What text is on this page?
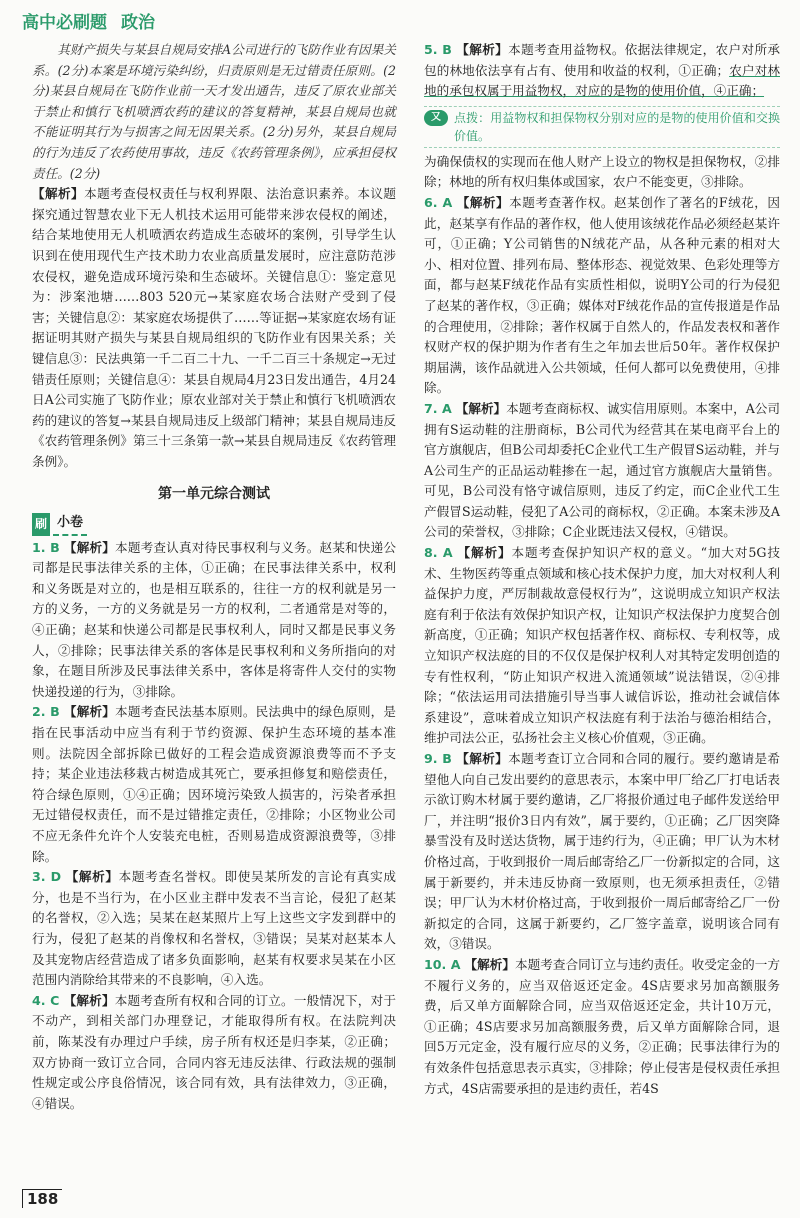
高中必刷题 政治

其财产损失与某县自规局安排A公司进行的飞防作业有因果关系。(2分)本案是环境污染纠纷，归责原则是无过错责任原则。(2分)某县自规局在飞防作业前一天才发出通告，违反了原农业部关于禁止和慎行飞机喷洒农药的建议的答复精神，某县自规局也就不能证明其行为与损害之间无因果关系。(2分)另外，某县自规局的行为违反了农药使用事故，违反《农药管理条例》，应承担侵权责任。(2分)

【解析】本题考查侵权责任与权利界限、法治意识素养。本议题探究通过智慧农业下无人机技术运用可能带来涉农侵权的阐述，结合某地使用无人机喷洒农药造成生态破坏的案例，引导学生认识到在使用现代生产技术助力农业高质量发展时，应注意防范涉农侵权，避免造成环境污染和生态破坏。关键信息①：鉴定意见为：涉案池塘……803 520元→某家庭农场合法财产受到了侵害；关键信息②：某家庭农场提供了……等证据→某家庭农场有证据证明其财产损失与某县自规局组织的飞防作业有因果关系；关键信息③：民法典第一千二百二十九、一千二百三十条规定→无过错责任原则；关键信息④：某县自规局4月23日发出通告，4月24日A公司实施了飞防作业；原农业部对关于禁止和慎行飞机喷洒农药的建议的答复→某县自规局违反上级部门精神；某县自规局违反《农药管理条例》第三十三条第一款→某县自规局违反《农药管理条例》。

第一单元综合测试
刷 小卷

1. B 【解析】本题考查认真对待民事权利与义务。赵某和快递公司都是民事法律关系的主体，①正确；在民事法律关系中，权利和义务既是对立的，也是相互联系的，往往一方的权利就是另一方的义务，一方的义务就是另一方的权利，二者通常是对等的，④正确；赵某和快递公司都是民事权利人，同时又都是民事义务人，②排除；民事法律关系的客体是民事权利和义务所指向的对象，在题目所涉及民事法律关系中，客体是将寄件人交付的实物快递投递的行为，③排除。

2. B 【解析】本题考查民法基本原则。民法典中的绿色原则，是指在民事活动中应当有利于节约资源、保护生态环境的基本准则。法院因全部拆除已做好的工程会造成资源浪费等而不予支持；某企业违法移栽古树造成其死亡，要承担修复和赔偿责任，符合绿色原则，①④正确；因环境污染致人损害的，污染者承担无过错侵权责任，而不是过错推定责任，②排除；小区物业公司不应无条件允许个人安装充电桩，否则易造成资源浪费等，③排除。

3. D 【解析】本题考查名誉权。即使吴某所发的言论有真实成分，也是不当行为，在小区业主群中发表不当言论，侵犯了赵某的名誉权，②入选；吴某在赵某照片上写上这些文字发到群中的行为，侵犯了赵某的肖像权和名誉权，③错误；吴某对赵某本人及其宠物店经营造成了诸多负面影响，赵某有权要求吴某在小区范围内消除给其带来的不良影响，④入选。

4. C 【解析】本题考查所有权和合同的订立。一般情况下，对于不动产，到相关部门办理登记，才能取得所有权。在法院判决前，陈某没有办理过户手续，房子所有权还是归李某，②正确；双方协商一致订立合同，合同内容无违反法律、行政法规的强制性规定或公序良俗情况，该合同有效，具有法律效力，③正确，④错误。

5. B 【解析】本题考查用益物权。依据法律规定，农户对所承包的林地依法享有占有、使用和收益的权利，①正确；农户对林地的承包权属于用益物权，对应的是物的使用价值，④正确；

又	点拨：用益物权和担保物权分别对应的是物的使用价值和交换价值。

为确保债权的实现而在他人财产上设立的物权是担保物权，②排除；林地的所有权归集体或国家，农户不能变更，③排除。

6. A 【解析】本题考查著作权。赵某创作了著名的F绒花，因此，赵某享有作品的著作权，他人使用该绒花作品必须经赵某许可，①正确；Y公司销售的N绒花产品，从各种元素的相对大小、相对位置、排列布局、整体形态、视觉效果、色彩处理等方面，都与赵某F绒花作品有实质性相似，说明Y公司的行为侵犯了赵某的著作权，③正确；媒体对F绒花作品的宣传报道是作品的合理使用，②排除；著作权属于自然人的，作品发表权和著作权财产权的保护期为作者有生之年加去世后50年。著作权保护期届满，该作品就进入公共领域，任何人都可以免费使用，④排除。

7. A 【解析】本题考查商标权、诚实信用原则。本案中，A公司拥有S运动鞋的注册商标，B公司代为经营其在某电商平台上的官方旗舰店，但B公司却委托C企业代工生产假冒S运动鞋，并与A公司生产的正品运动鞋掺在一起，通过官方旗舰店大量销售。可见，B公司没有恪守诚信原则，违反了约定，而C企业代工生产假冒S运动鞋，侵犯了A公司的商标权，②正确。本案未涉及A公司的荣誉权，③排除；C企业既违法又侵权，④错误。

8. A 【解析】本题考查保护知识产权的意义。“加大对5G技术、生物医药等重点领域和核心技术保护力度，加大对权利人利益保护力度，严厉制裁故意侵权行为”，这说明成立知识产权法庭有利于依法有效保护知识产权，让知识产权法保护力度契合创新高度，①正确；知识产权包括著作权、商标权、专利权等，成立知识产权法庭的目的不仅仅是保护权利人对其特定发明创造的专有性权利，“防止知识产权进入流通领域”说法错误，②④排除；“依法运用司法措施引导当事人诚信诉讼，推动社会诚信体系建设”，意味着成立知识产权法庭有利于法治与德治相结合，维护司法公正，弘扬社会主义核心价值观，③正确。

9. B 【解析】本题考查订立合同和合同的履行。要约邀请是希望他人向自己发出要约的意思表示，本案中甲厂给乙厂打电话表示欲订购木材属于要约邀请，乙厂将报价通过电子邮件发送给甲厂，并注明“报价3日内有效”，属于要约，①正确；乙厂因突降暴雪没有及时送达货物，属于违约行为，④正确；甲厂认为木材价格过高，于收到报价一周后邮寄给乙厂一份新拟定的合同，这属于新要约，并未违反协商一致原则，也无须承担责任，②错误；甲厂认为木材价格过高，于收到报价一周后邮寄给乙厂一份新拟定的合同，这属于新要约，乙厂签字盖章，说明该合同有效，③错误。

10. A 【解析】本题考查合同订立与违约责任。收受定金的一方不履行义务的，应当双倍返还定金。4S店要求另加高额服务费，后又单方面解除合同，应当双倍返还定金，共计10万元，①正确；4S店要求另加高额服务费，后又单方面解除合同，退回5万元定金，没有履行应尽的义务，②正确；民事法律行为的有效条件包括意思表示真实，③排除；停止侵害是侵权责任承担方式，4S店需要承担的是违约责任，若4S

188
